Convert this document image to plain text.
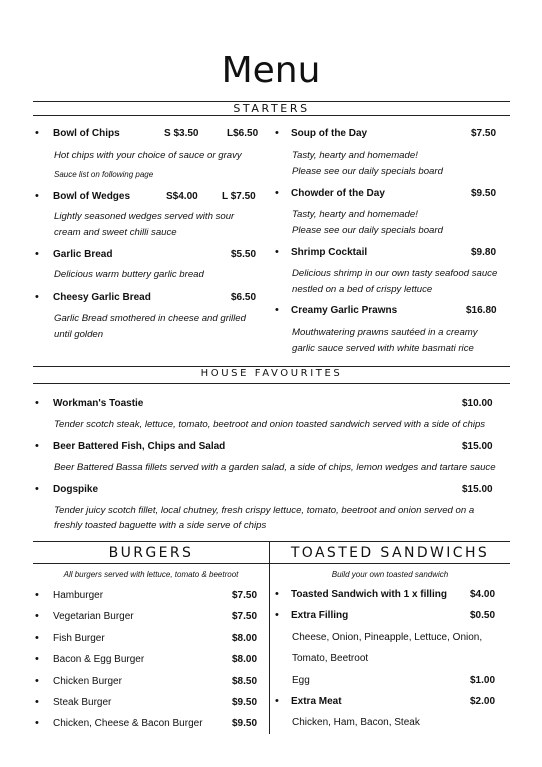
Menu
STARTERS
• Bowl of Chips	S $3.50	L$6.50
Hot chips with your choice of sauce or gravy
Sauce list on following page
• Bowl of Wedges	S$4.00 L $7.50
Lightly seasoned wedges served with sour
cream and sweet chilli sauce
• Garlic Bread	$5.50
Delicious warm buttery garlic bread
• Cheesy Garlic Bread	$6.50
Garlic Bread smothered in cheese and grilled
until golden
• Soup of the Day	$7.50
Tasty, hearty and homemade!
Please see our daily specials board
• Chowder of the Day	$9.50
Tasty, hearty and homemade!
Please see our daily specials board
• Shrimp Cocktail	$9.80
Delicious shrimp in our own tasty seafood sauce
nestled on a bed of crispy lettuce
• Creamy Garlic Prawns	$16.80
Mouthwatering prawns sautéed in a creamy
garlic sauce served with white basmati rice
HOUSE FAVOURITES
• Workman's Toastie	$10.00
Tender scotch steak, lettuce, tomato, beetroot and onion toasted sandwich served with a side of chips
• Beer Battered Fish, Chips and Salad	$15.00
Beer Battered Bassa fillets served with a garden salad, a side of chips, lemon wedges and tartare sauce
• Dogspike	$15.00
Tender juicy scotch fillet, local chutney, fresh crispy lettuce, tomato, beetroot and onion served on a
freshly toasted baguette with a side serve of chips
BURGERS	TOASTED SANDWICHS
All burgers served with lettuce, tomato & beetroot
• Hamburger	$7.50
• Vegetarian Burger	$7.50
• Fish Burger	$8.00
• Bacon & Egg Burger	$8.00
• Chicken Burger	$8.50
• Steak Burger	$9.50
• Chicken, Cheese & Bacon Burger	$9.50
Build your own toasted sandwich
• Toasted Sandwich with 1 x filling $4.00
• Extra Filling	$0.50
Cheese, Onion, Pineapple, Lettuce, Onion,
Tomato, Beetroot
Egg	$1.00
• Extra Meat	$2.00
Chicken, Ham, Bacon, Steak
